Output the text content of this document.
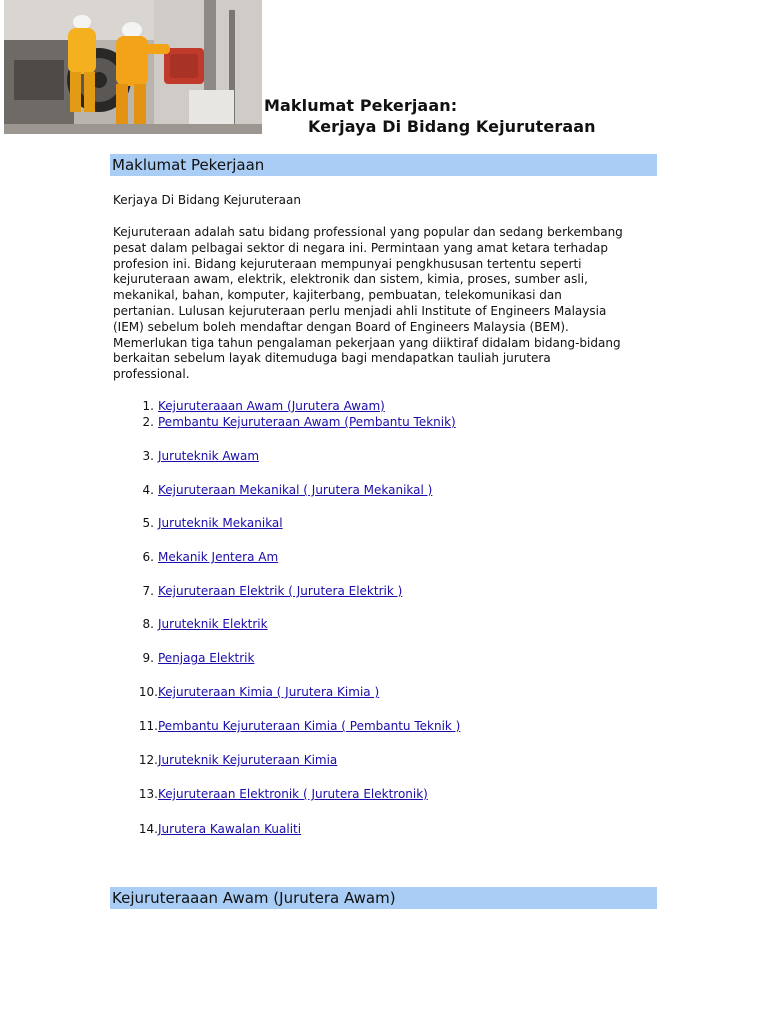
Maklumat Pekerjaan:
Kerjaya Di Bidang Kejuruteraan
Maklumat Pekerjaan
Kerjaya Di Bidang Kejuruteraan
Kejuruteraan adalah satu bidang professional yang popular dan sedang berkembang
pesat dalam pelbagai sektor di negara ini. Permintaan yang amat ketara terhadap
profesion ini. Bidang kejuruteraan mempunyai pengkhususan tertentu seperti
kejuruteraan awam, elektrik, elektronik dan sistem, kimia, proses, sumber asli,
mekanikal, bahan, komputer, kajiterbang, pembuatan, telekomunikasi dan
pertanian. Lulusan kejuruteraan perlu menjadi ahli Institute of Engineers Malaysia
(IEM) sebelum boleh mendaftar dengan Board of Engineers Malaysia (BEM).
Memerlukan tiga tahun pengalaman pekerjaan yang diiktiraf didalam bidang-bidang
berkaitan sebelum layak ditemuduga bagi mendapatkan tauliah jurutera
professional.
1. Kejuruteraaan Awam (Jurutera Awam)
2. Pembantu Kejuruteraan Awam (Pembantu Teknik)
3. Juruteknik Awam
4. Kejuruteraan Mekanikal ( Jurutera Mekanikal )
5. Juruteknik Mekanikal
6. Mekanik Jentera Am
7. Kejuruteraan Elektrik ( Jurutera Elektrik )
8. Juruteknik Elektrik
9. Penjaga Elektrik
10.Kejuruteraan Kimia ( Jurutera Kimia )
11.Pembantu Kejuruteraan Kimia ( Pembantu Teknik )
12.Juruteknik Kejuruteraan Kimia
13.Kejuruteraan Elektronik ( Jurutera Elektronik)
14.Jurutera Kawalan Kualiti
Kejuruteraaan Awam (Jurutera Awam)
